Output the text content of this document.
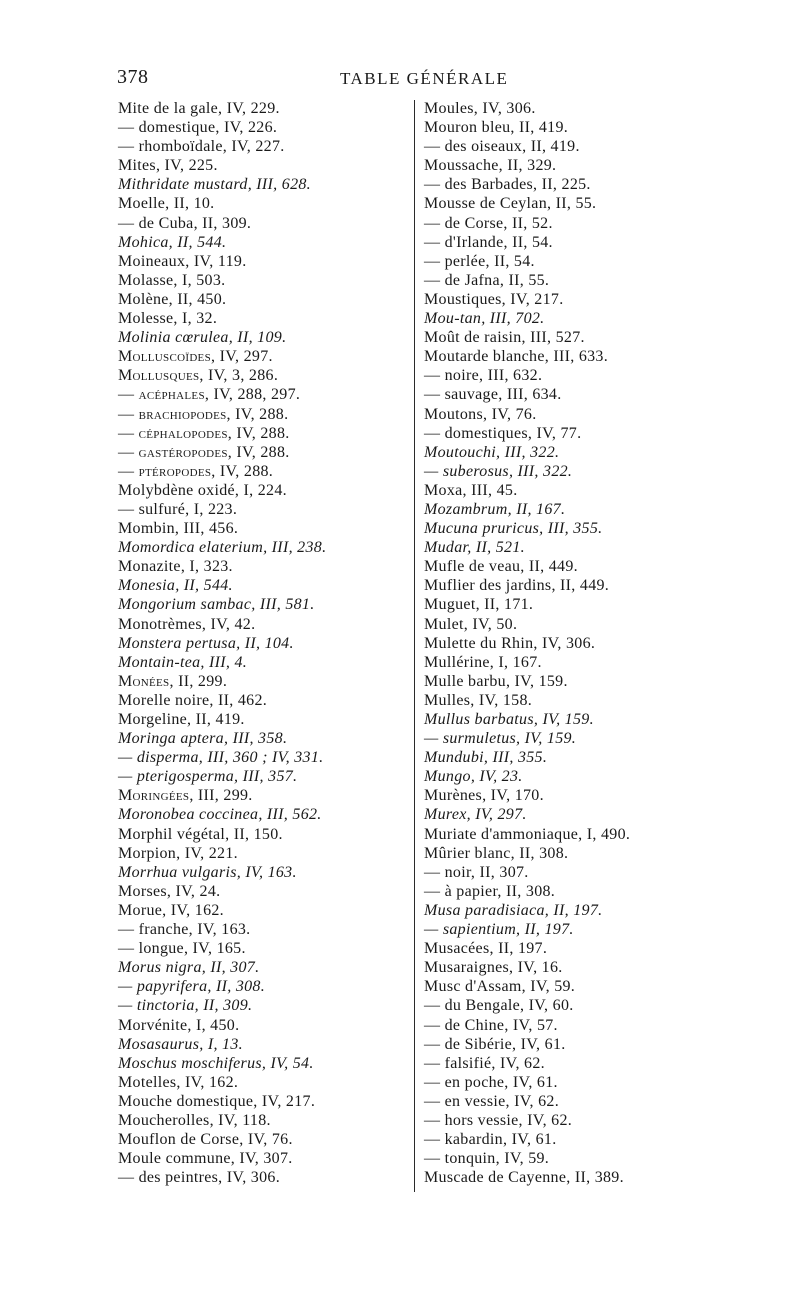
378	TABLE GÉNÉRALE
Mite de la gale, IV, 229.
— domestique, IV, 226.
— rhomboïdale, IV, 227.
Mites, IV, 225.
Mithridate mustard, III, 628.
Moelle, II, 10.
— de Cuba, II, 309.
Mohica, II, 544.
Moineaux, IV, 119.
Molasse, I, 503.
Molène, II, 450.
Molesse, I, 32.
Molinia cœrulea, II, 109.
Molluscoïdes, IV, 297.
Mollusques, IV, 3, 286.
— acéphales, IV, 288, 297.
— brachiopodes, IV, 288.
— céphalopodes, IV, 288.
— gastéropodes, IV, 288.
— ptéropodes, IV, 288.
Molybdène oxidé, I, 224.
— sulfuré, I, 223.
Mombin, III, 456.
Momordica elaterium, III, 238.
Monazite, I, 323.
Monesia, II, 544.
Mongorium sambac, III, 581.
Monotrèmes, IV, 42.
Monstera pertusa, II, 104.
Montain-tea, III, 4.
Monées, II, 299.
Morelle noire, II, 462.
Morgeline, II, 419.
Moringa aptera, III, 358.
— disperma, III, 360 ; IV, 331.
— pterigosperma, III, 357.
Moringées, III, 299.
Moronobea coccinea, III, 562.
Morphil végétal, II, 150.
Morpion, IV, 221.
Morrhua vulgaris, IV, 163.
Morses, IV, 24.
Morue, IV, 162.
— franche, IV, 163.
— longue, IV, 165.
Morus nigra, II, 307.
— papyrifera, II, 308.
— tinctoria, II, 309.
Morvénite, I, 450.
Mosasaurus, I, 13.
Moschus moschiferus, IV, 54.
Motelles, IV, 162.
Mouche domestique, IV, 217.
Moucherolles, IV, 118.
Mouflon de Corse, IV, 76.
Moule commune, IV, 307.
— des peintres, IV, 306.
Moules, IV, 306.
Mouron bleu, II, 419.
— des oiseaux, II, 419.
Moussache, II, 329.
— des Barbades, II, 225.
Mousse de Ceylan, II, 55.
— de Corse, II, 52.
— d'Irlande, II, 54.
— perlée, II, 54.
— de Jafna, II, 55.
Moustiques, IV, 217.
Mou-tan, III, 702.
Moût de raisin, III, 527.
Moutarde blanche, III, 633.
— noire, III, 632.
— sauvage, III, 634.
Moutons, IV, 76.
— domestiques, IV, 77.
Moutouchi, III, 322.
— suberosus, III, 322.
Moxa, III, 45.
Mozambrum, II, 167.
Mucuna pruricus, III, 355.
Mudar, II, 521.
Mufle de veau, II, 449.
Muflier des jardins, II, 449.
Muguet, II, 171.
Mulet, IV, 50.
Mulette du Rhin, IV, 306.
Mullérine, I, 167.
Mulle barbu, IV, 159.
Mulles, IV, 158.
Mullus barbatus, IV, 159.
— surmuletus, IV, 159.
Mundubi, III, 355.
Mungo, IV, 23.
Murènes, IV, 170.
Murex, IV, 297.
Muriate d'ammoniaque, I, 490.
Mûrier blanc, II, 308.
— noir, II, 307.
— à papier, II, 308.
Musa paradisiaca, II, 197.
— sapientium, II, 197.
Musacées, II, 197.
Musaraignes, IV, 16.
Musc d'Assam, IV, 59.
— du Bengale, IV, 60.
— de Chine, IV, 57.
— de Sibérie, IV, 61.
— falsifié, IV, 62.
— en poche, IV, 61.
— en vessie, IV, 62.
— hors vessie, IV, 62.
— kabardin, IV, 61.
— tonquin, IV, 59.
Muscade de Cayenne, II, 389.
